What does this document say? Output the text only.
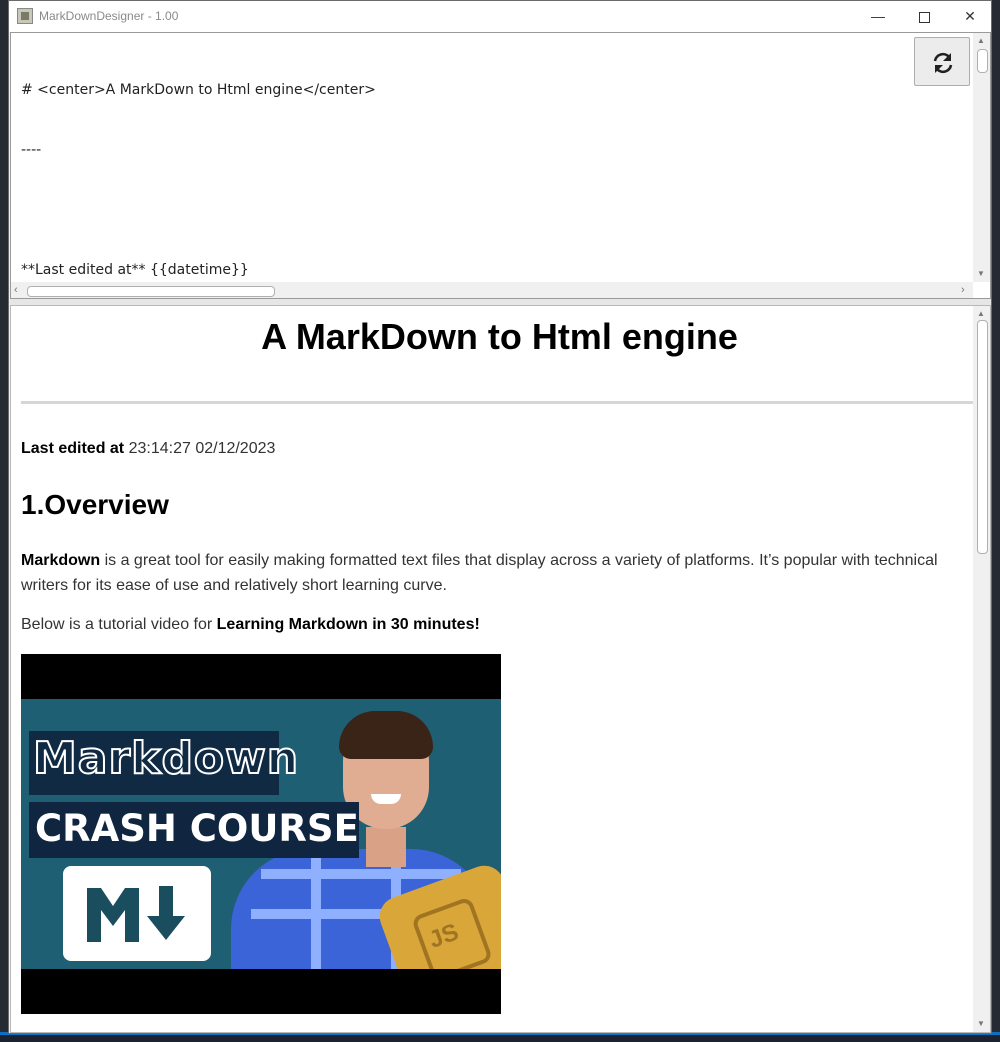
MarkDownDesigner - 1.00	—	✕

# <center>A MarkDown to Html engine</center>

----

**Last edited at** {{datetime}}

▲
▼
‹	›
A MarkDown to Html engine
Last edited at 23:14:27 02/12/2023
1.Overview
Markdown is a great tool for easily making formatted text files that display across a variety of platforms. It’s popular with technical writers for its ease of use and relatively short learning curve.
Below is a tutorial video for Learning Markdown in 30 minutes!
Markdown
CRASH COURSE
JS
▲
▼
